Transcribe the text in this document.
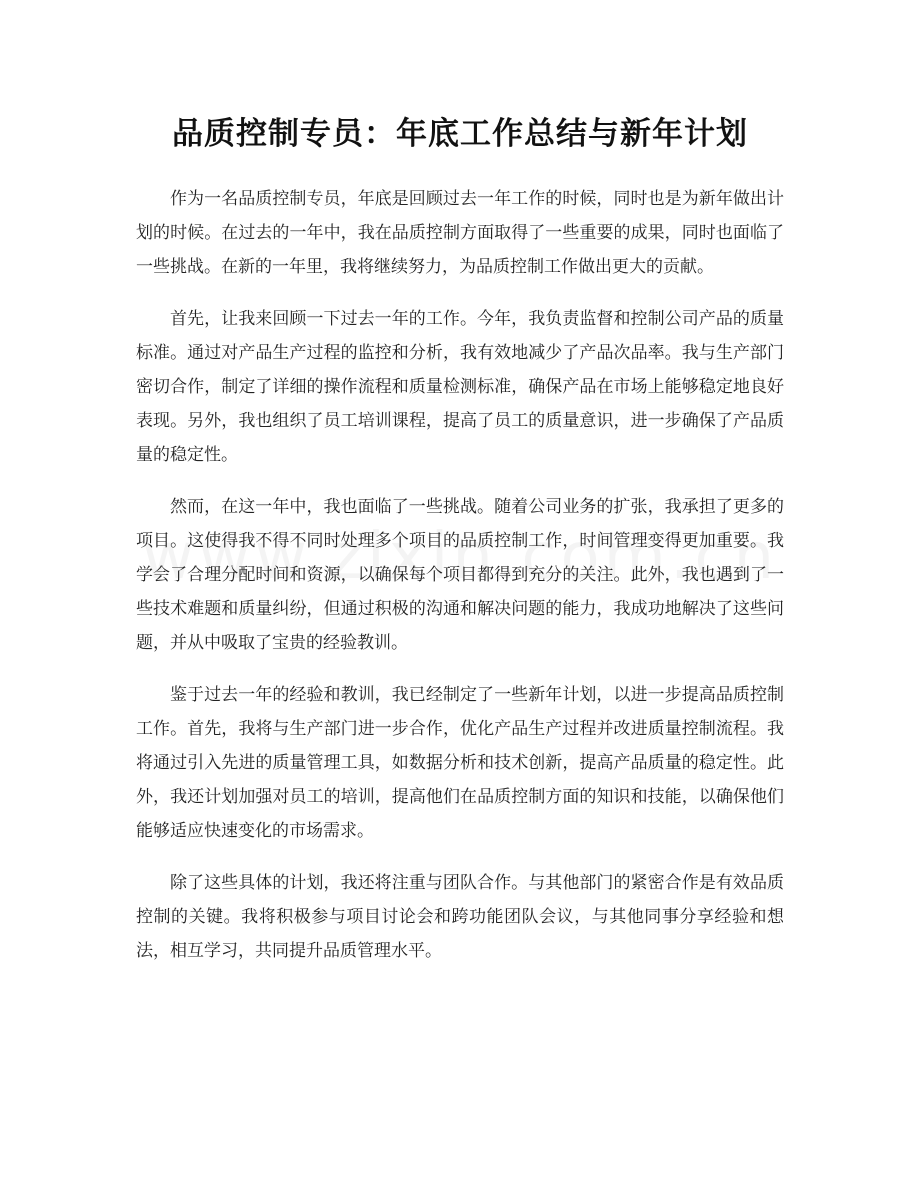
品质控制专员：年底工作总结与新年计划

作为一名品质控制专员，年底是回顾过去一年工作的时候，同时也是为新年做出计划的时候。在过去的一年中，我在品质控制方面取得了一些重要的成果，同时也面临了一些挑战。在新的一年里，我将继续努力，为品质控制工作做出更大的贡献。

首先，让我来回顾一下过去一年的工作。今年，我负责监督和控制公司产品的质量标准。通过对产品生产过程的监控和分析，我有效地减少了产品次品率。我与生产部门密切合作，制定了详细的操作流程和质量检测标准，确保产品在市场上能够稳定地良好表现。另外，我也组织了员工培训课程，提高了员工的质量意识，进一步确保了产品质量的稳定性。

然而，在这一年中，我也面临了一些挑战。随着公司业务的扩张，我承担了更多的项目。这使得我不得不同时处理多个项目的品质控制工作，时间管理变得更加重要。我学会了合理分配时间和资源，以确保每个项目都得到充分的关注。此外，我也遇到了一些技术难题和质量纠纷，但通过积极的沟通和解决问题的能力，我成功地解决了这些问题，并从中吸取了宝贵的经验教训。

鉴于过去一年的经验和教训，我已经制定了一些新年计划，以进一步提高品质控制工作。首先，我将与生产部门进一步合作，优化产品生产过程并改进质量控制流程。我将通过引入先进的质量管理工具，如数据分析和技术创新，提高产品质量的稳定性。此外，我还计划加强对员工的培训，提高他们在品质控制方面的知识和技能，以确保他们能够适应快速变化的市场需求。

除了这些具体的计划，我还将注重与团队合作。与其他部门的紧密合作是有效品质控制的关键。我将积极参与项目讨论会和跨功能团队会议，与其他同事分享经验和想法，相互学习，共同提升品质管理水平。
